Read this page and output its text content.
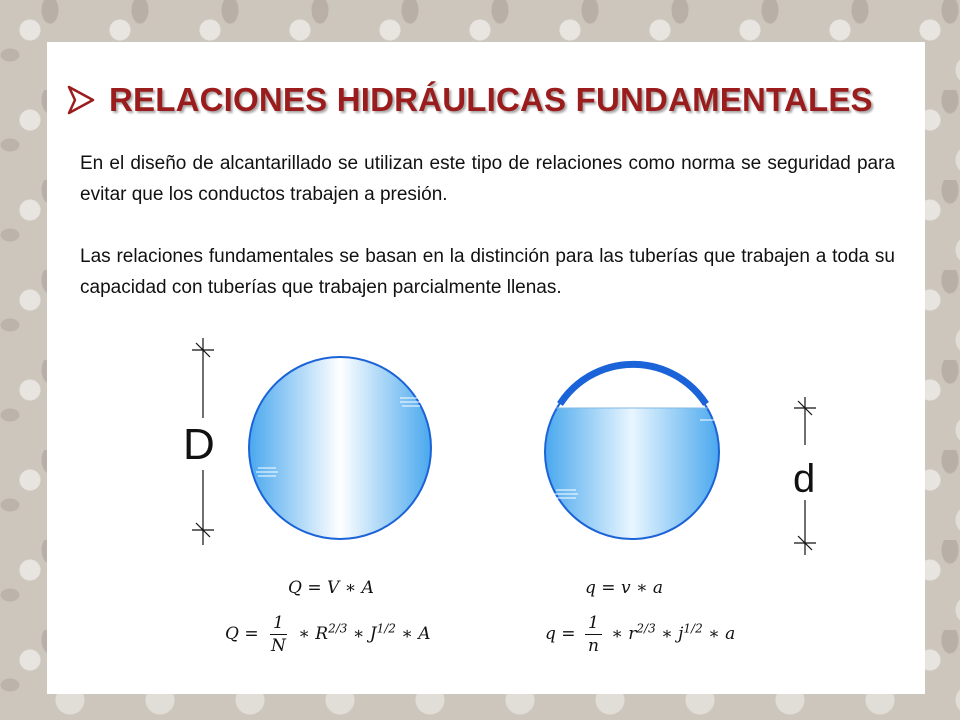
RELACIONES HIDRÁULICAS FUNDAMENTALES

En el diseño de alcantarillado se utilizan este tipo de relaciones como norma se seguridad para evitar que los conductos trabajen a presión.

Las relaciones fundamentales se basan en la distinción para las tuberías que trabajen a toda su capacidad con tuberías que trabajen parcialmente llenas.

D
d
Q = V ∗ A
$Q = \frac{1}{N}$ ∗ $R^{2/3}$ ∗ $J^{1/2}$ ∗ A
q = v ∗ a
$q = \frac{1}{n}$ ∗ $r^{2/3}$ ∗ $j^{1/2}$ ∗ a
